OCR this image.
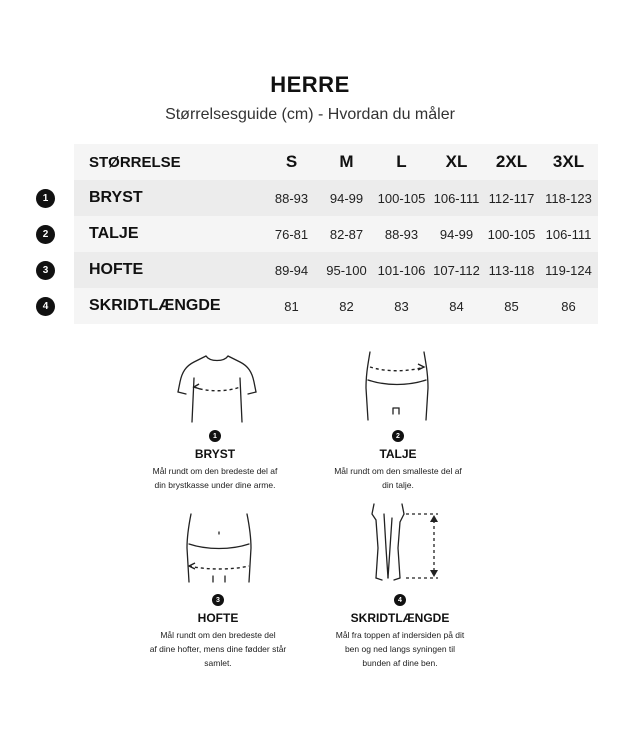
HERRE
Størrelsesguide (cm) - Hvordan du måler
STØRRELSE	S	M	L	XL	2XL	3XL
BRYST	88-93	94-99	100-105 106-111 112-117 118-123
TALJE	76-81	82-87	88-93	94-99	100-105 106-111
HOFTE	89-94	95-100 101-106 107-112 113-118 119-124
SKRIDTLÆNGDE	81	82	83	84	85	86
1
2
3
4
1
BRYST
Mål rundt om den bredeste del af
din brystkasse under dine arme.
2
TALJE
Mål rundt om den smalleste del af
din talje.
3
HOFTE
Mål rundt om den bredeste del
af dine hofter, mens dine fødder står
samlet.
4
SKRIDTLÆNGDE
Mål fra toppen af indersiden på dit
ben og ned langs syningen til
bunden af dine ben.
